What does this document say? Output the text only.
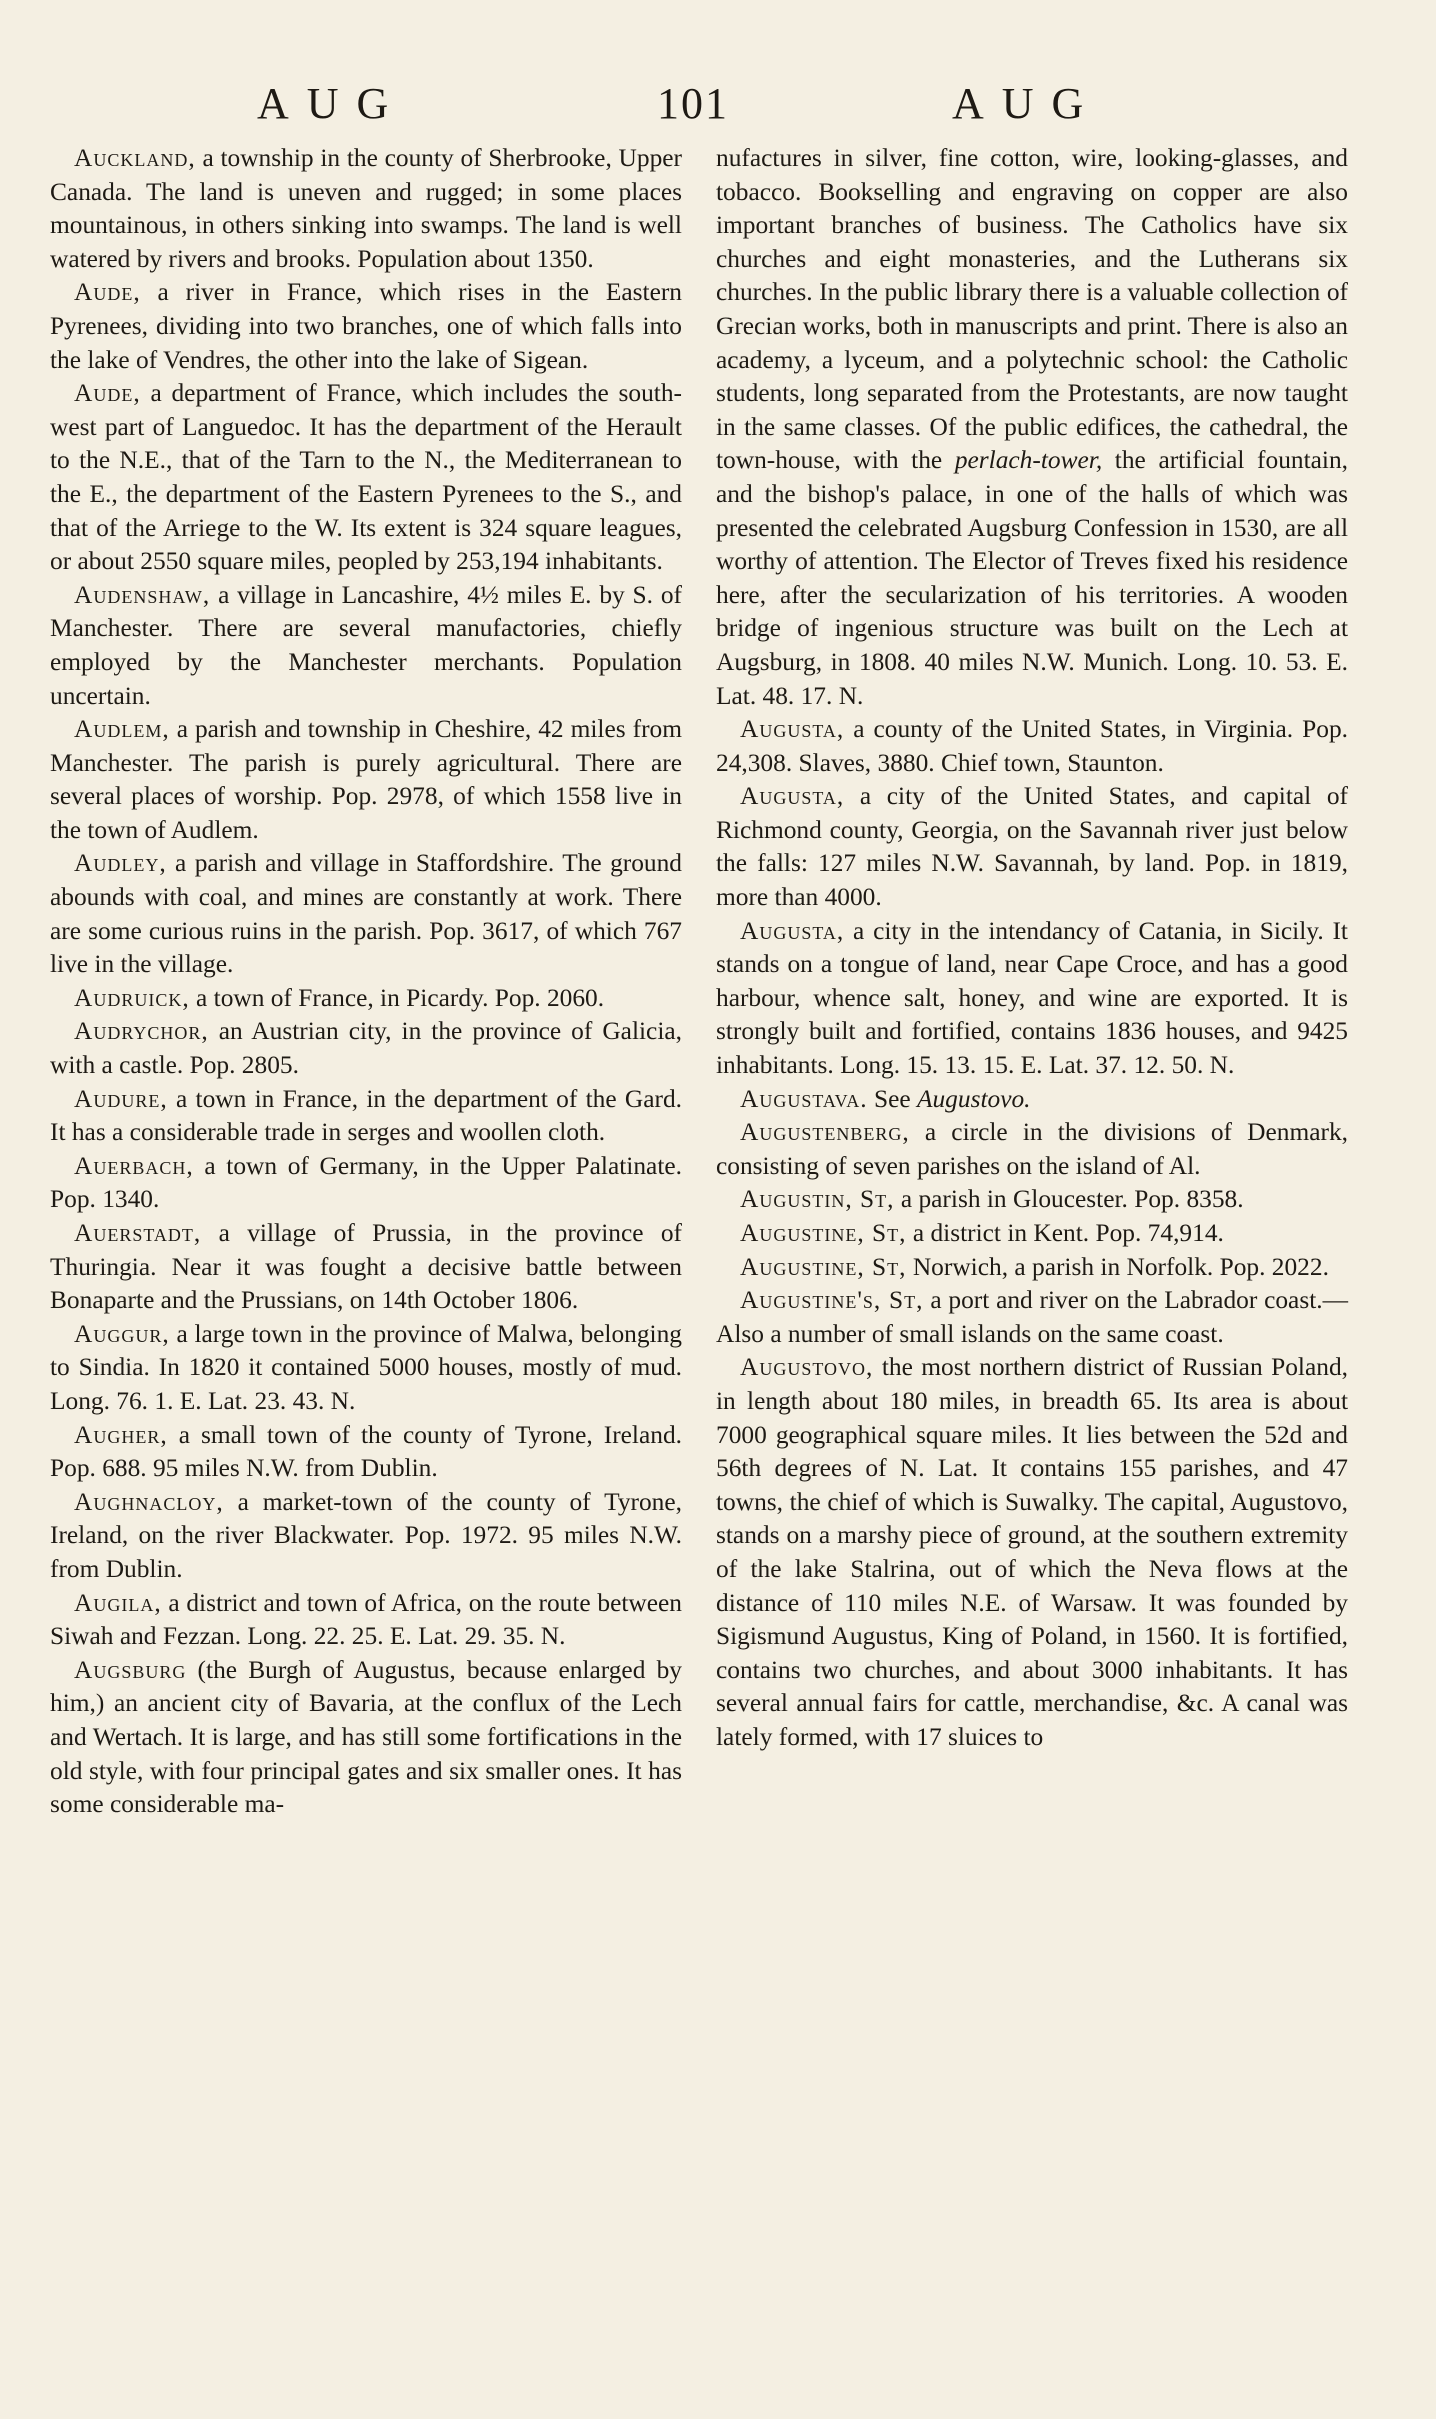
AUG	101	AUG

Auckland, a township in the county of Sherbrooke, Upper Canada. The land is uneven and rugged; in some places mountainous, in others sinking into swamps. The land is well watered by rivers and brooks. Population about 1350.

Aude, a river in France, which rises in the Eastern Pyrenees, dividing into two branches, one of which falls into the lake of Vendres, the other into the lake of Sigean.

Aude, a department of France, which includes the south-west part of Languedoc. It has the department of the Herault to the N.E., that of the Tarn to the N., the Mediterranean to the E., the department of the Eastern Pyrenees to the S., and that of the Arriege to the W. Its extent is 324 square leagues, or about 2550 square miles, peopled by 253,194 inhabitants.

Audenshaw, a village in Lancashire, 4½ miles E. by S. of Manchester. There are several manufactories, chiefly employed by the Manchester merchants. Population uncertain.

Audlem, a parish and township in Cheshire, 42 miles from Manchester. The parish is purely agricultural. There are several places of worship. Pop. 2978, of which 1558 live in the town of Audlem.

Audley, a parish and village in Staffordshire. The ground abounds with coal, and mines are constantly at work. There are some curious ruins in the parish. Pop. 3617, of which 767 live in the village.

Audruick, a town of France, in Picardy. Pop. 2060.

Audrychor, an Austrian city, in the province of Galicia, with a castle. Pop. 2805.

Audure, a town in France, in the department of the Gard. It has a considerable trade in serges and woollen cloth.

Auerbach, a town of Germany, in the Upper Palatinate. Pop. 1340.

Auerstadt, a village of Prussia, in the province of Thuringia. Near it was fought a decisive battle between Bonaparte and the Prussians, on 14th October 1806.

Auggur, a large town in the province of Malwa, belonging to Sindia. In 1820 it contained 5000 houses, mostly of mud. Long. 76. 1. E. Lat. 23. 43. N.

Augher, a small town of the county of Tyrone, Ireland. Pop. 688. 95 miles N.W. from Dublin.

Aughnacloy, a market-town of the county of Tyrone, Ireland, on the river Blackwater. Pop. 1972. 95 miles N.W. from Dublin.

Augila, a district and town of Africa, on the route between Siwah and Fezzan. Long. 22. 25. E. Lat. 29. 35. N.

Augsburg (the Burgh of Augustus, because enlarged by him,) an ancient city of Bavaria, at the conflux of the Lech and Wertach. It is large, and has still some fortifications in the old style, with four principal gates and six smaller ones. It has some considerable ma-

nufactures in silver, fine cotton, wire, looking-glasses, and tobacco. Bookselling and engraving on copper are also important branches of business. The Catholics have six churches and eight monasteries, and the Lutherans six churches. In the public library there is a valuable collection of Grecian works, both in manuscripts and print. There is also an academy, a lyceum, and a polytechnic school: the Catholic students, long separated from the Protestants, are now taught in the same classes. Of the public edifices, the cathedral, the town-house, with the perlach-tower, the artificial fountain, and the bishop's palace, in one of the halls of which was presented the celebrated Augsburg Confession in 1530, are all worthy of attention. The Elector of Treves fixed his residence here, after the secularization of his territories. A wooden bridge of ingenious structure was built on the Lech at Augsburg, in 1808. 40 miles N.W. Munich. Long. 10. 53. E. Lat. 48. 17. N.

Augusta, a county of the United States, in Virginia. Pop. 24,308. Slaves, 3880. Chief town, Staunton.

Augusta, a city of the United States, and capital of Richmond county, Georgia, on the Savannah river just below the falls: 127 miles N.W. Savannah, by land. Pop. in 1819, more than 4000.

Augusta, a city in the intendancy of Catania, in Sicily. It stands on a tongue of land, near Cape Croce, and has a good harbour, whence salt, honey, and wine are exported. It is strongly built and fortified, contains 1836 houses, and 9425 inhabitants. Long. 15. 13. 15. E. Lat. 37. 12. 50. N.

Augustava. See Augustovo.

Augustenberg, a circle in the divisions of Denmark, consisting of seven parishes on the island of Al.

Augustin, St, a parish in Gloucester. Pop. 8358.

Augustine, St, a district in Kent. Pop. 74,914.

Augustine, St, Norwich, a parish in Norfolk. Pop. 2022.

Augustine's, St, a port and river on the Labrador coast.—Also a number of small islands on the same coast.

Augustovo, the most northern district of Russian Poland, in length about 180 miles, in breadth 65. Its area is about 7000 geographical square miles. It lies between the 52d and 56th degrees of N. Lat. It contains 155 parishes, and 47 towns, the chief of which is Suwalky. The capital, Augustovo, stands on a marshy piece of ground, at the southern extremity of the lake Stalrina, out of which the Neva flows at the distance of 110 miles N.E. of Warsaw. It was founded by Sigismund Augustus, King of Poland, in 1560. It is fortified, contains two churches, and about 3000 inhabitants. It has several annual fairs for cattle, merchandise, &c. A canal was lately formed, with 17 sluices to
